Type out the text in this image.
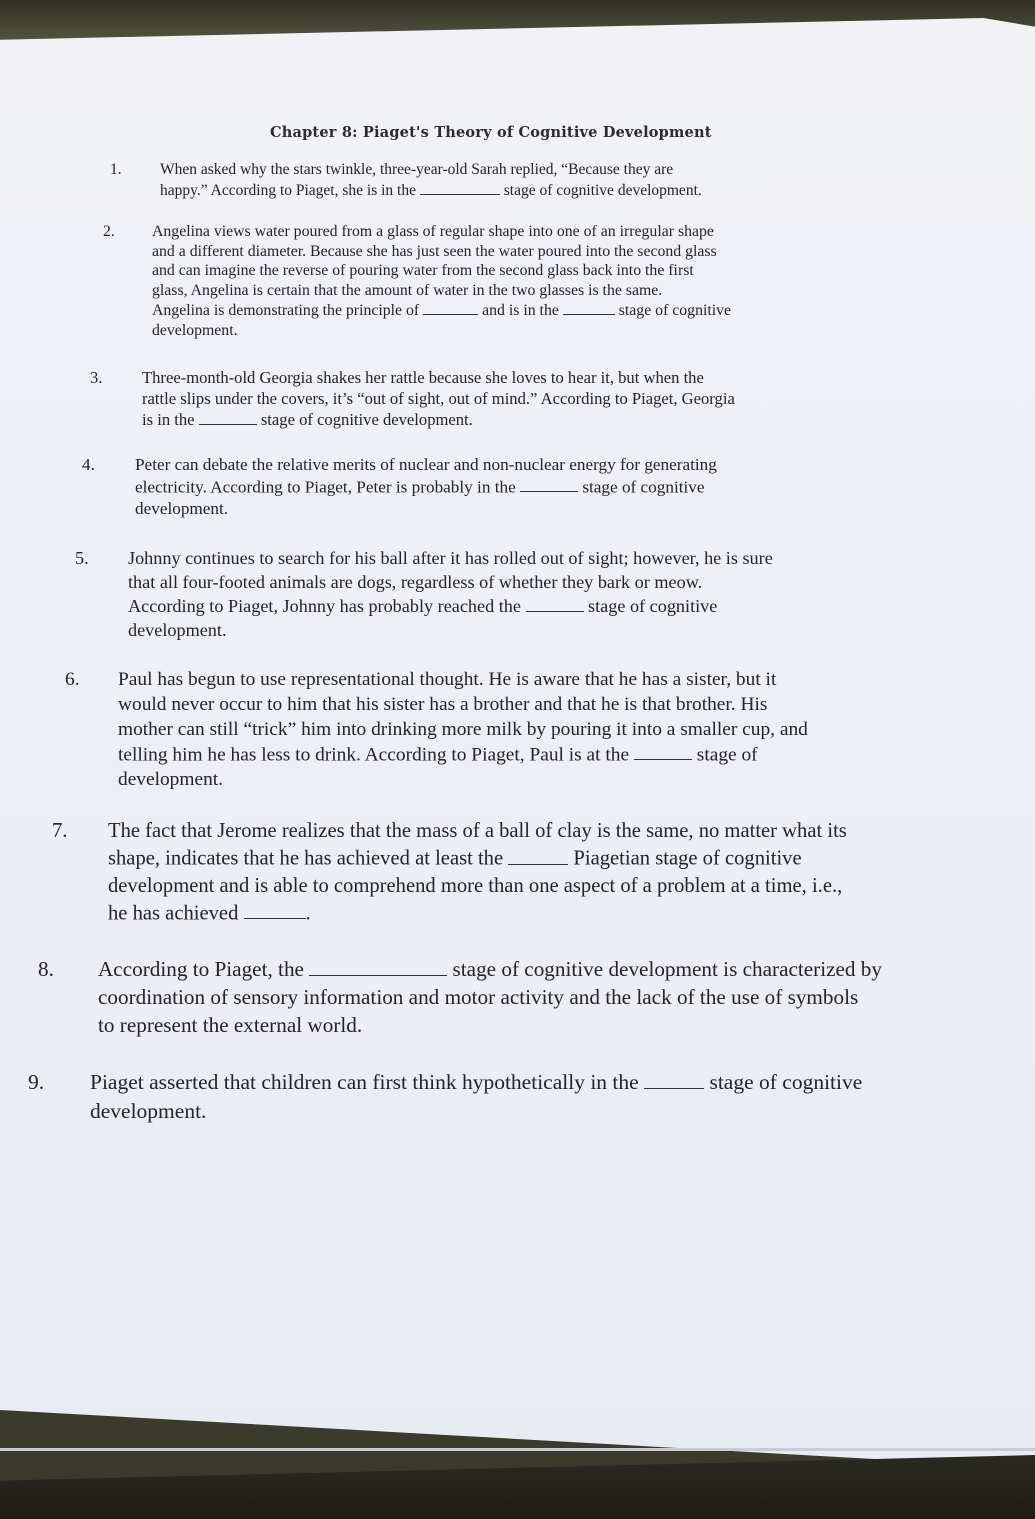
Chapter 8: Piaget's Theory of Cognitive Development
1. When asked why the stars twinkle, three-year-old Sarah replied, “Because they are
happy.” According to Piaget, she is in the	stage of cognitive development.
2. Angelina views water poured from a glass of regular shape into one of an irregular shape
and a different diameter. Because she has just seen the water poured into the second glass
and can imagine the reverse of pouring water from the second glass back into the first
glass, Angelina is certain that the amount of water in the two glasses is the same.
Angelina is demonstrating the principle of	and is in the	stage of cognitive
development.
3. Three-month-old Georgia shakes her rattle because she loves to hear it, but when the
rattle slips under the covers, it’s “out of sight, out of mind.” According to Piaget, Georgia
is in the	stage of cognitive development.
4. Peter can debate the relative merits of nuclear and non-nuclear energy for generating
electricity. According to Piaget, Peter is probably in the	stage of cognitive
development.
5. Johnny continues to search for his ball after it has rolled out of sight; however, he is sure
that all four-footed animals are dogs, regardless of whether they bark or meow.
According to Piaget, Johnny has probably reached the	stage of cognitive
development.
6. Paul has begun to use representational thought. He is aware that he has a sister, but it
would never occur to him that his sister has a brother and that he is that brother. His
mother can still “trick” him into drinking more milk by pouring it into a smaller cup, and
telling him he has less to drink. According to Piaget, Paul is at the	stage of
development.
7. The fact that Jerome realizes that the mass of a ball of clay is the same, no matter what its
shape, indicates that he has achieved at least the	Piagetian stage of cognitive
development and is able to comprehend more than one aspect of a problem at a time, i.e.,
he has achieved	.
8. According to Piaget, the	stage of cognitive development is characterized by
coordination of sensory information and motor activity and the lack of the use of symbols
to represent the external world.
9. Piaget asserted that children can first think hypothetically in the	stage of cognitive
development.
